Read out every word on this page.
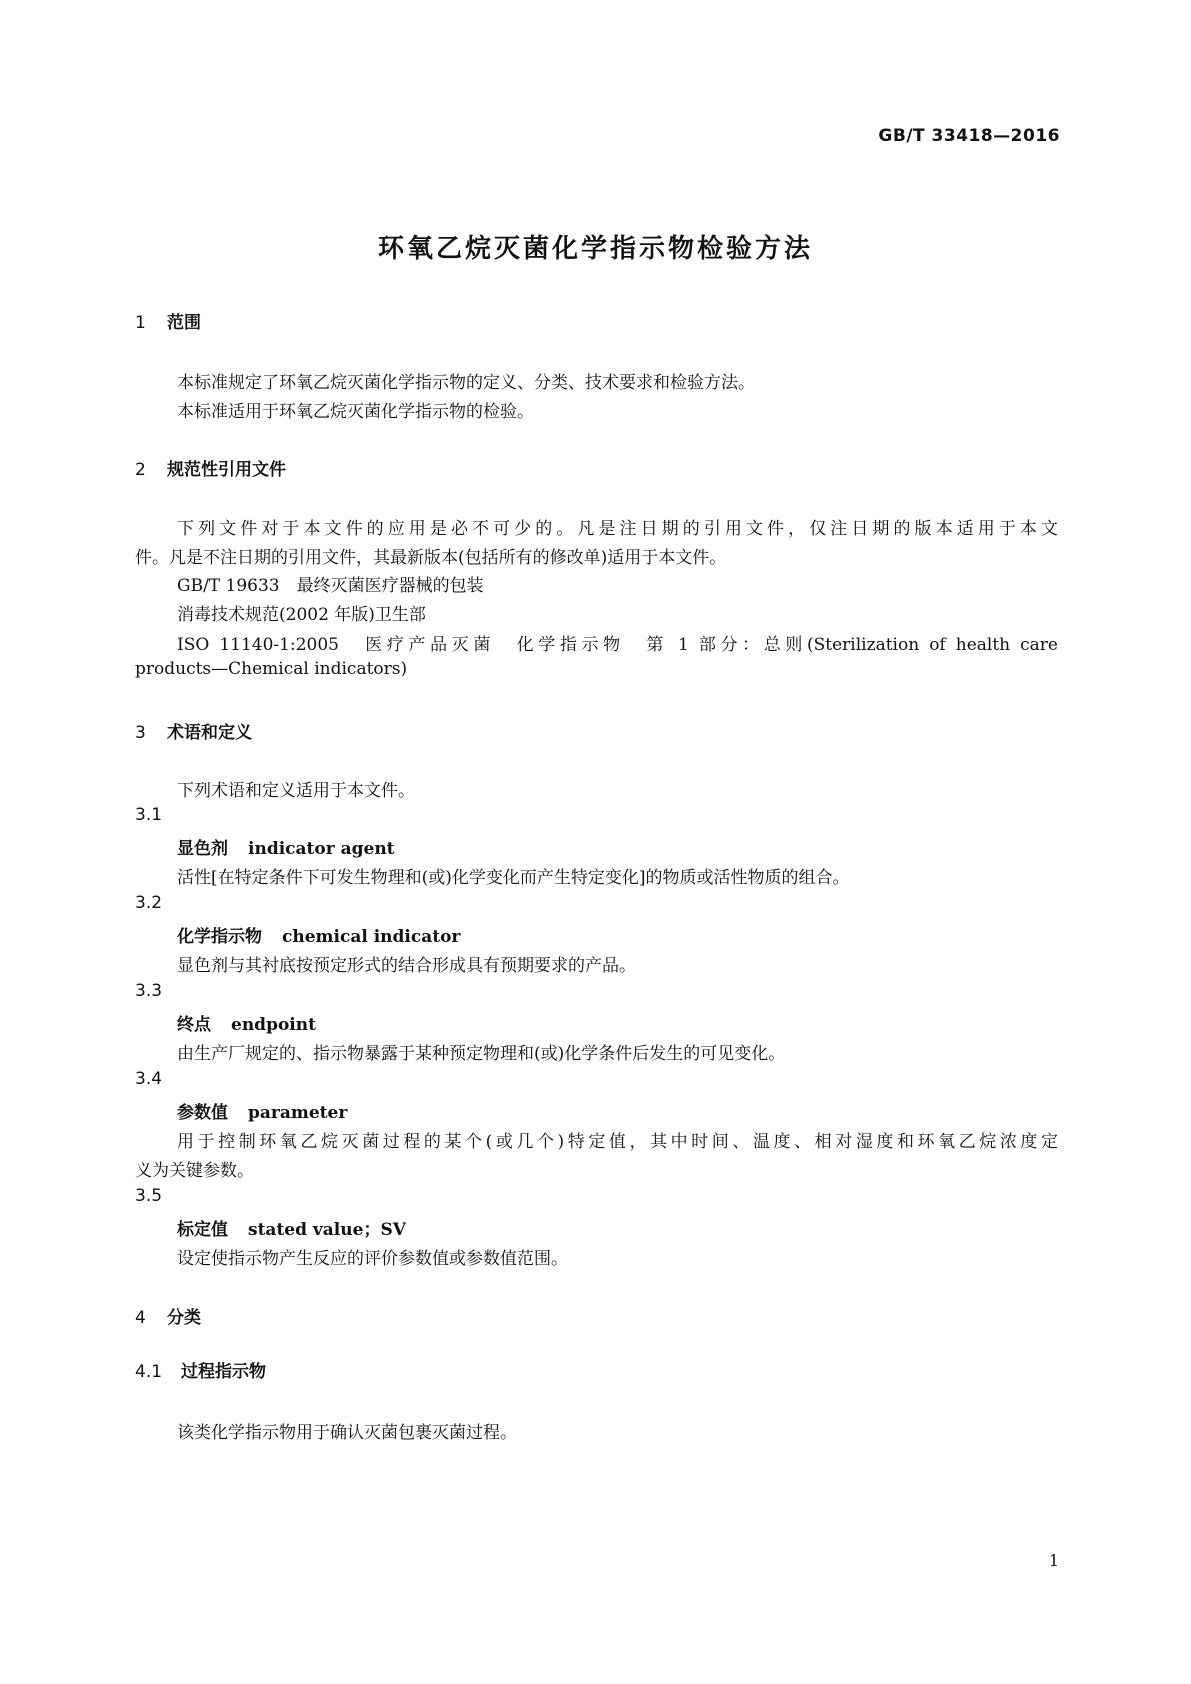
GB/T 33418—2016
环氧乙烷灭菌化学指示物检验方法
1 范围
本标准规定了环氧乙烷灭菌化学指示物的定义、分类、技术要求和检验方法。
本标准适用于环氧乙烷灭菌化学指示物的检验。
2 规范性引用文件
下列文件对于本文件的应用是必不可少的。凡是注日期的引用文件，仅注日期的版本适用于本文
件。凡是不注日期的引用文件，其最新版本(包括所有的修改单)适用于本文件。
GB/T 19633　最终灭菌医疗器械的包装
消毒技术规范(2002 年版)卫生部
ISO 11140-1:2005　医疗产品灭菌　化学指示物　第 1 部分：总则(Sterilization of health care
products—Chemical indicators)
3 术语和定义
下列术语和定义适用于本文件。
3.1
显色剂 indicator agent
活性[在特定条件下可发生物理和(或)化学变化而产生特定变化]的物质或活性物质的组合。
3.2
化学指示物 chemical indicator
显色剂与其衬底按预定形式的结合形成具有预期要求的产品。
3.3
终点 endpoint
由生产厂规定的、指示物暴露于某种预定物理和(或)化学条件后发生的可见变化。
3.4
参数值 parameter
用于控制环氧乙烷灭菌过程的某个(或几个)特定值，其中时间、温度、相对湿度和环氧乙烷浓度定
义为关键参数。
3.5
标定值 stated value；SV
设定使指示物产生反应的评价参数值或参数值范围。
4 分类
4.1 过程指示物
该类化学指示物用于确认灭菌包裹灭菌过程。
1
